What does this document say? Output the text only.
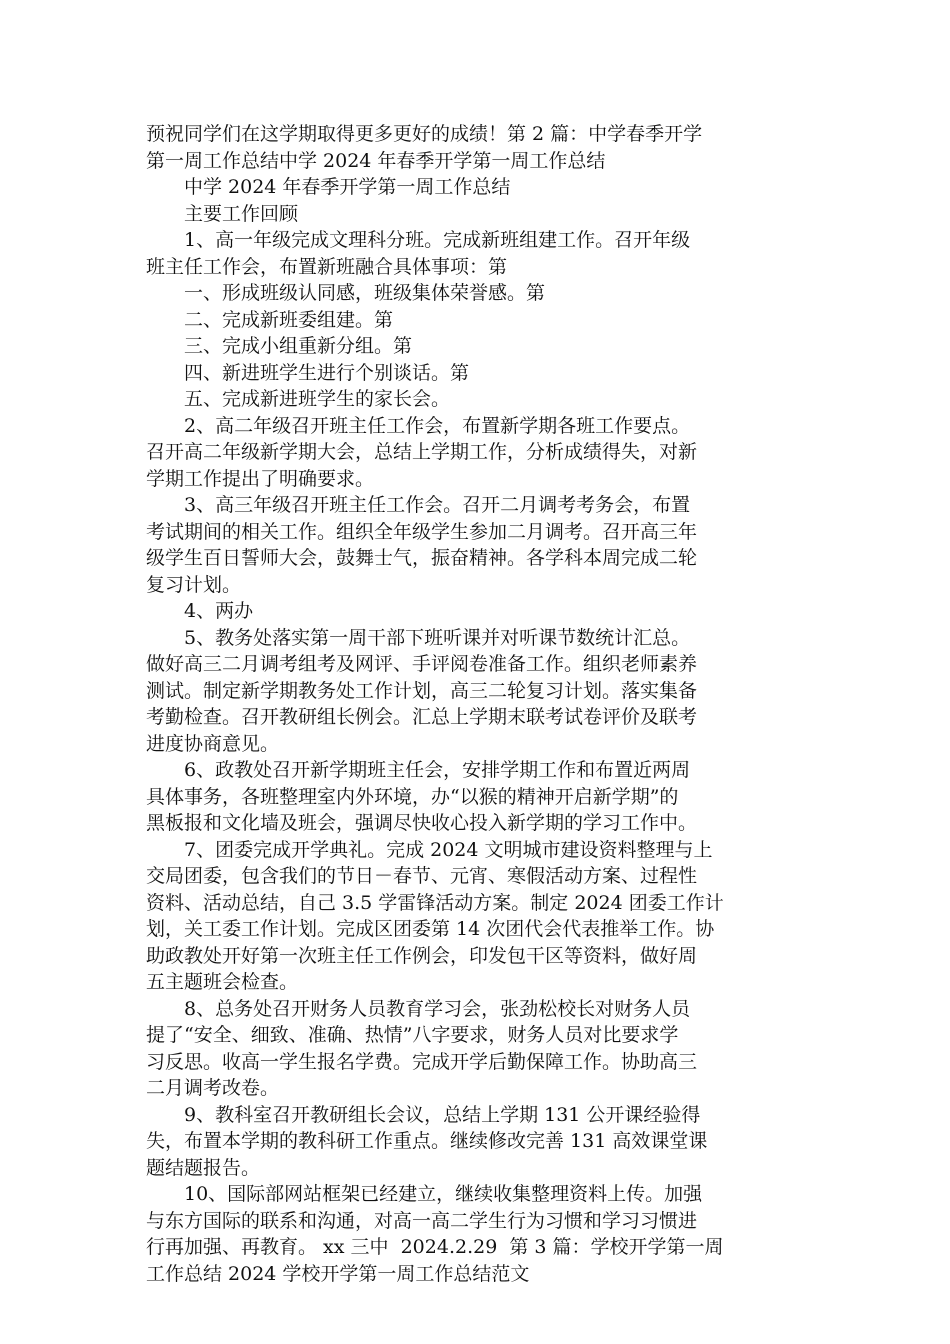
预祝同学们在这学期取得更多更好的成绩！第 2 篇：中学春季开学
第一周工作总结中学 2024 年春季开学第一周工作总结
中学 2024 年春季开学第一周工作总结
主要工作回顾
1、高一年级完成文理科分班。完成新班组建工作。召开年级
班主任工作会，布置新班融合具体事项：第
一、形成班级认同感，班级集体荣誉感。第
二、完成新班委组建。第
三、完成小组重新分组。第
四、新进班学生进行个别谈话。第
五、完成新进班学生的家长会。
2、高二年级召开班主任工作会，布置新学期各班工作要点。
召开高二年级新学期大会，总结上学期工作，分析成绩得失，对新
学期工作提出了明确要求。
3、高三年级召开班主任工作会。召开二月调考考务会，布置
考试期间的相关工作。组织全年级学生参加二月调考。召开高三年
级学生百日誓师大会，鼓舞士气，振奋精神。各学科本周完成二轮
复习计划。
4、两办
5、教务处落实第一周干部下班听课并对听课节数统计汇总。
做好高三二月调考组考及网评、手评阅卷准备工作。组织老师素养
测试。制定新学期教务处工作计划，高三二轮复习计划。落实集备
考勤检查。召开教研组长例会。汇总上学期末联考试卷评价及联考
进度协商意见。
6、政教处召开新学期班主任会，安排学期工作和布置近两周
具体事务，各班整理室内外环境，办“以猴的精神开启新学期”的
黑板报和文化墙及班会，强调尽快收心投入新学期的学习工作中。
7、团委完成开学典礼。完成 2024 文明城市建设资料整理与上
交局团委，包含我们的节日－春节、元宵、寒假活动方案、过程性
资料、活动总结，自己 3.5 学雷锋活动方案。制定 2024 团委工作计
划，关工委工作计划。完成区团委第 14 次团代会代表推举工作。协
助政教处开好第一次班主任工作例会，印发包干区等资料，做好周
五主题班会检查。
8、总务处召开财务人员教育学习会，张劲松校长对财务人员
提了“安全、细致、准确、热情”八字要求，财务人员对比要求学
习反思。收高一学生报名学费。完成开学后勤保障工作。协助高三
二月调考改卷。
9、教科室召开教研组长会议，总结上学期 131 公开课经验得
失，布置本学期的教科研工作重点。继续修改完善 131 高效课堂课
题结题报告。
10、国际部网站框架已经建立，继续收集整理资料上传。加强
与东方国际的联系和沟通，对高一高二学生行为习惯和学习习惯进
行再加强、再教育。 xx 三中  2024.2.29  第 3 篇：学校开学第一周
工作总结 2024 学校开学第一周工作总结范文
